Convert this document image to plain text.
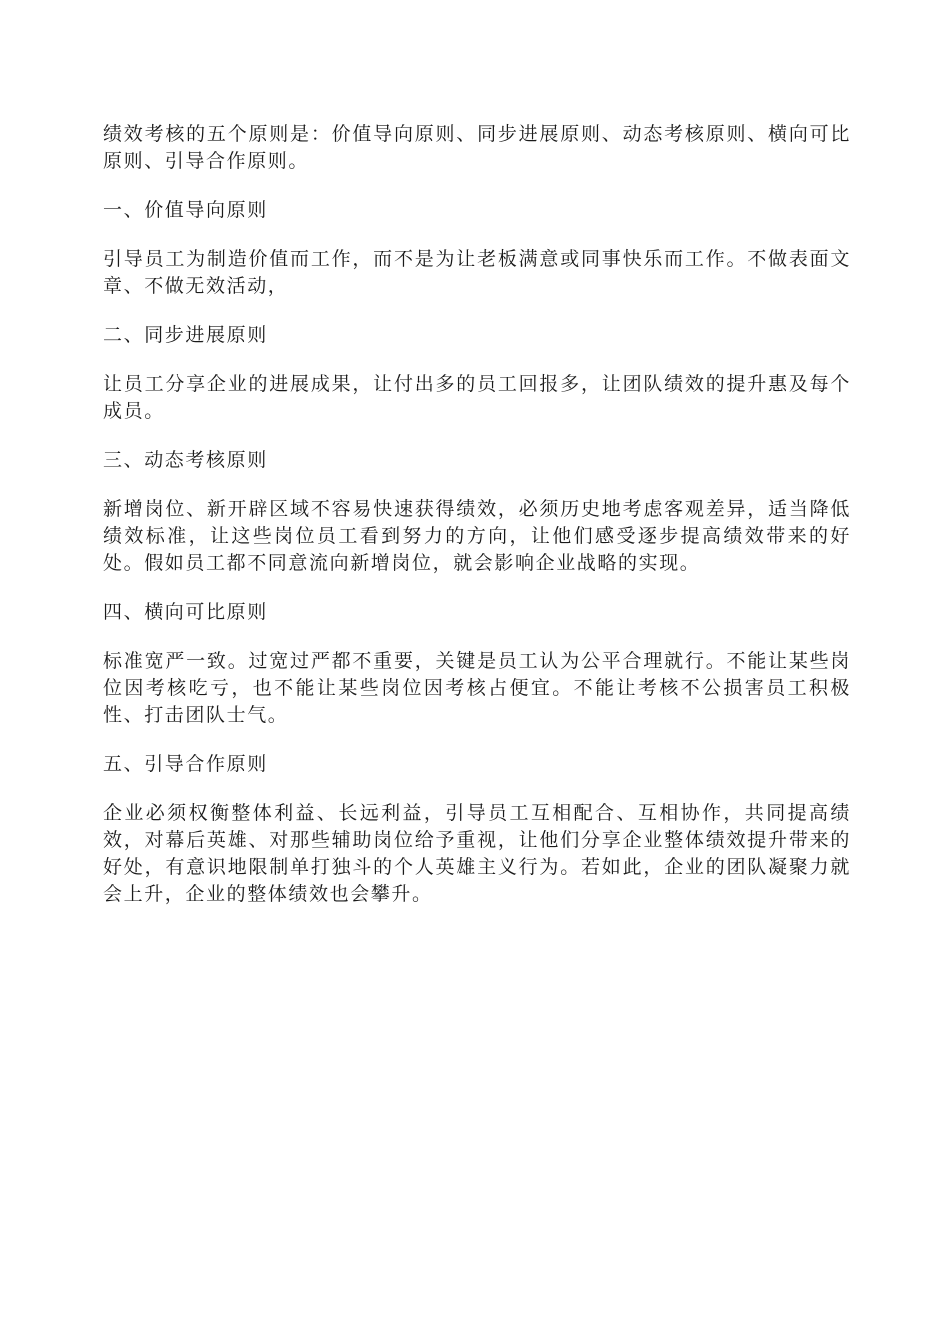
绩效考核的五个原则是：价值导向原则、同步进展原则、动态考核原则、横向可比原则、引导合作原则。

一、价值导向原则

引导员工为制造价值而工作，而不是为让老板满意或同事快乐而工作。不做表面文章、不做无效活动，

二、同步进展原则

让员工分享企业的进展成果，让付出多的员工回报多，让团队绩效的提升惠及每个成员。

三、动态考核原则

新增岗位、新开辟区域不容易快速获得绩效，必须历史地考虑客观差异，适当降低绩效标准，让这些岗位员工看到努力的方向，让他们感受逐步提高绩效带来的好处。假如员工都不同意流向新增岗位，就会影响企业战略的实现。

四、横向可比原则

标准宽严一致。过宽过严都不重要，关键是员工认为公平合理就行。不能让某些岗位因考核吃亏，也不能让某些岗位因考核占便宜。不能让考核不公损害员工积极性、打击团队士气。

五、引导合作原则

企业必须权衡整体利益、长远利益，引导员工互相配合、互相协作，共同提高绩效，对幕后英雄、对那些辅助岗位给予重视，让他们分享企业整体绩效提升带来的好处，有意识地限制单打独斗的个人英雄主义行为。若如此，企业的团队凝聚力就会上升，企业的整体绩效也会攀升。
